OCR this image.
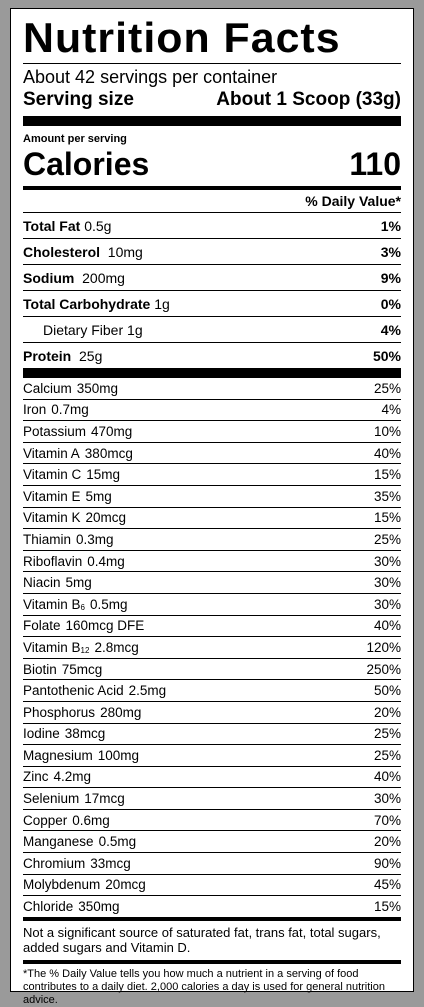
Nutrition Facts
About 42 servings per container
Serving size	About 1 Scoop (33g)
Amount per serving
Calories	110
% Daily Value*
Total Fat 0.5g	1%
Cholesterol 10mg	3%
Sodium 200mg	9%
Total Carbohydrate 1g	0%
Dietary Fiber 1g	4%
Protein 25g	50%
Calcium 350mg	25%
Iron 0.7mg	4%
Potassium 470mg	10%
Vitamin A 380mcg	40%
Vitamin C 15mg	15%
Vitamin E 5mg	35%
Vitamin K 20mcg	15%
Thiamin 0.3mg	25%
Riboflavin 0.4mg	30%
Niacin 5mg	30%
Vitamin $B_6$ 0.5mg	30%
Folate 160mcg DFE	40%
Vitamin $B_{12}$ 2.8mcg	120%
Biotin 75mcg	250%
Pantothenic Acid 2.5mg	50%
Phosphorus 280mg	20%
Iodine 38mcg	25%
Magnesium 100mg	25%
Zinc 4.2mg	40%
Selenium 17mcg	30%
Copper 0.6mg	70%
Manganese 0.5mg	20%
Chromium 33mcg	90%
Molybdenum 20mcg	45%
Chloride 350mg	15%
Not a significant source of saturated fat, trans fat, total sugars, added sugars and Vitamin D.
*The % Daily Value tells you how much a nutrient in a serving of food contributes to a daily diet. 2,000 calories a day is used for general nutrition advice.
